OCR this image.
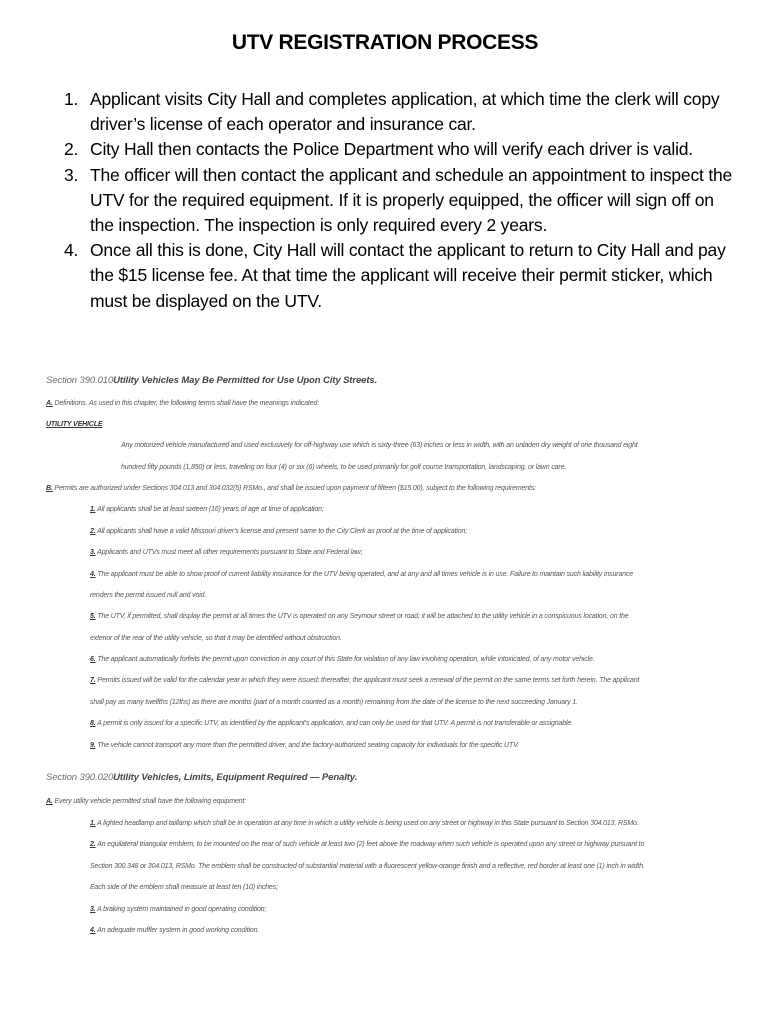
UTV REGISTRATION PROCESS
1. Applicant visits City Hall and completes application, at which time the clerk will copy driver’s license of each operator and insurance car.
2. City Hall then contacts the Police Department who will verify each driver is valid.
3. The officer will then contact the applicant and schedule an appointment to inspect the UTV for the required equipment. If it is properly equipped, the officer will sign off on the inspection. The inspection is only required every 2 years.
4. Once all this is done, City Hall will contact the applicant to return to City Hall and pay the $15 license fee. At that time the applicant will receive their permit sticker, which must be displayed on the UTV.
Section 390.010Utility Vehicles May Be Permitted for Use Upon City Streets.
A. Definitions. As used in this chapter, the following terms shall have the meanings indicated:
UTILITY VEHICLE
Any motorized vehicle manufactured and used exclusively for off-highway use which is sixty-three (63) inches or less in width, with an unladen dry weight of one thousand eight
hundred fifty pounds (1,850) or less, traveling on four (4) or six (6) wheels, to be used primarily for golf course transportation, landscaping, or lawn care.
B. Permits are authorized under Sections 304.013 and 304.032(5) RSMo., and shall be issued upon payment of fifteen ($15.00), subject to the following requirements:
1. All applicants shall be at least sixteen (16) years of age at time of application;
2. All applicants shall have a valid Missouri driver's license and present same to the City Clerk as proof at the time of application;
3. Applicants and UTVs must meet all other requirements pursuant to State and Federal law;
4. The applicant must be able to show proof of current liability insurance for the UTV being operated, and at any and all times vehicle is in use. Failure to maintain such liability insurance
renders the permit issued null and void.
5. The UTV, if permitted, shall display the permit at all times the UTV is operated on any Seymour street or road; it will be attached to the utility vehicle in a conspicuous location, on the
exterior of the rear of the utility vehicle, so that it may be identified without obstruction.
6. The applicant automatically forfeits the permit upon conviction in any court of this State for violation of any law involving operation, while intoxicated, of any motor vehicle.
7. Permits issued will be valid for the calendar year in which they were issued; thereafter, the applicant must seek a renewal of the permit on the same terms set forth herein. The applicant
shall pay as many twelfths (12ths) as there are months (part of a month counted as a month) remaining from the date of the license to the next succeeding January 1.
8. A permit is only issued for a specific UTV, as identified by the applicant's application, and can only be used for that UTV. A permit is not transferable or assignable.
9. The vehicle cannot transport any more than the permitted driver, and the factory-authorized seating capacity for individuals for the specific UTV.
Section 390.020Utility Vehicles, Limits, Equipment Required — Penalty.
A. Every utility vehicle permitted shall have the following equipment:
1. A lighted headlamp and taillamp which shall be in operation at any time in which a utility vehicle is being used on any street or highway in this State pursuant to Section 304.013, RSMo.
2. An equilateral triangular emblem, to be mounted on the rear of such vehicle at least two (2) feet above the roadway when such vehicle is operated upon any street or highway pursuant to
Section 300.348 or 304.013, RSMo. The emblem shall be constructed of substantial material with a fluorescent yellow-orange finish and a reflective, red border at least one (1) inch in width.
Each side of the emblem shall measure at least ten (10) inches;
3. A braking system maintained in good operating condition;
4. An adequate muffler system in good working condition.
